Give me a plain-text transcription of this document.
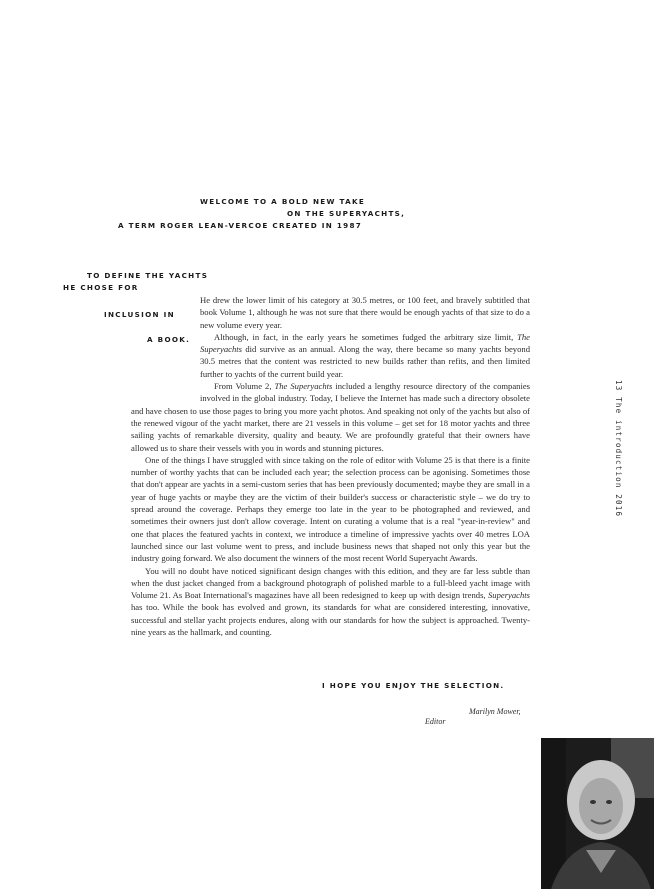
WELCOME TO A BOLD NEW TAKE
ON THE SUPERYACHTS,
A TERM ROGER LEAN-VERCOE CREATED IN 1987
TO DEFINE THE YACHTS
HE CHOSE FOR
INCLUSION IN
A BOOK.

He drew the lower limit of his category at 30.5 metres, or 100 feet, and bravely subtitled that book Volume 1, although he was not sure that there would be enough yachts of that size to do a new volume every year.

Although, in fact, in the early years he sometimes fudged the arbitrary size limit, The Superyachts did survive as an annual. Along the way, there became so many yachts beyond 30.5 metres that the content was restricted to new builds rather than refits, and then limited further to yachts of the current build year.

From Volume 2, The Superyachts included a lengthy resource directory of the companies involved in the global industry. Today, I believe the Internet has made such a directory obsolete and have chosen to use those pages to bring you more yacht photos. And speaking not only of the yachts but also of the renewed vigour of the yacht market, there are 21 vessels in this volume – get set for 18 motor yachts and three sailing yachts of remarkable diversity, quality and beauty. We are profoundly grateful that their owners have allowed us to share their vessels with you in words and stunning pictures.

One of the things I have struggled with since taking on the role of editor with Volume 25 is that there is a finite number of worthy yachts that can be included each year; the selection process can be agonising. Sometimes those that don't appear are yachts in a semi-custom series that has been previously documented; maybe they are small in a year of huge yachts or maybe they are the victim of their builder's success or characteristic style – we do try to spread around the coverage. Perhaps they emerge too late in the year to be photographed and reviewed, and sometimes their owners just don't allow coverage. Intent on curating a volume that is a real "year-in-review" and one that places the featured yachts in context, we introduce a timeline of impressive yachts over 40 metres LOA launched since our last volume went to press, and include business news that shaped not only this year but the industry going forward. We also document the winners of the most recent World Superyacht Awards.

You will no doubt have noticed significant design changes with this edition, and they are far less subtle than when the dust jacket changed from a background photograph of polished marble to a full-bleed yacht image with Volume 21. As Boat International's magazines have all been redesigned to keep up with design trends, Superyachts has too. While the book has evolved and grown, its standards for what are considered interesting, innovative, successful and stellar yacht projects endures, along with our standards for how the subject is approached. Twenty-nine years as the hallmark, and counting.

I HOPE YOU ENJOY THE SELECTION.
Marilyn Mower,
Editor
13 The introduction 2016
